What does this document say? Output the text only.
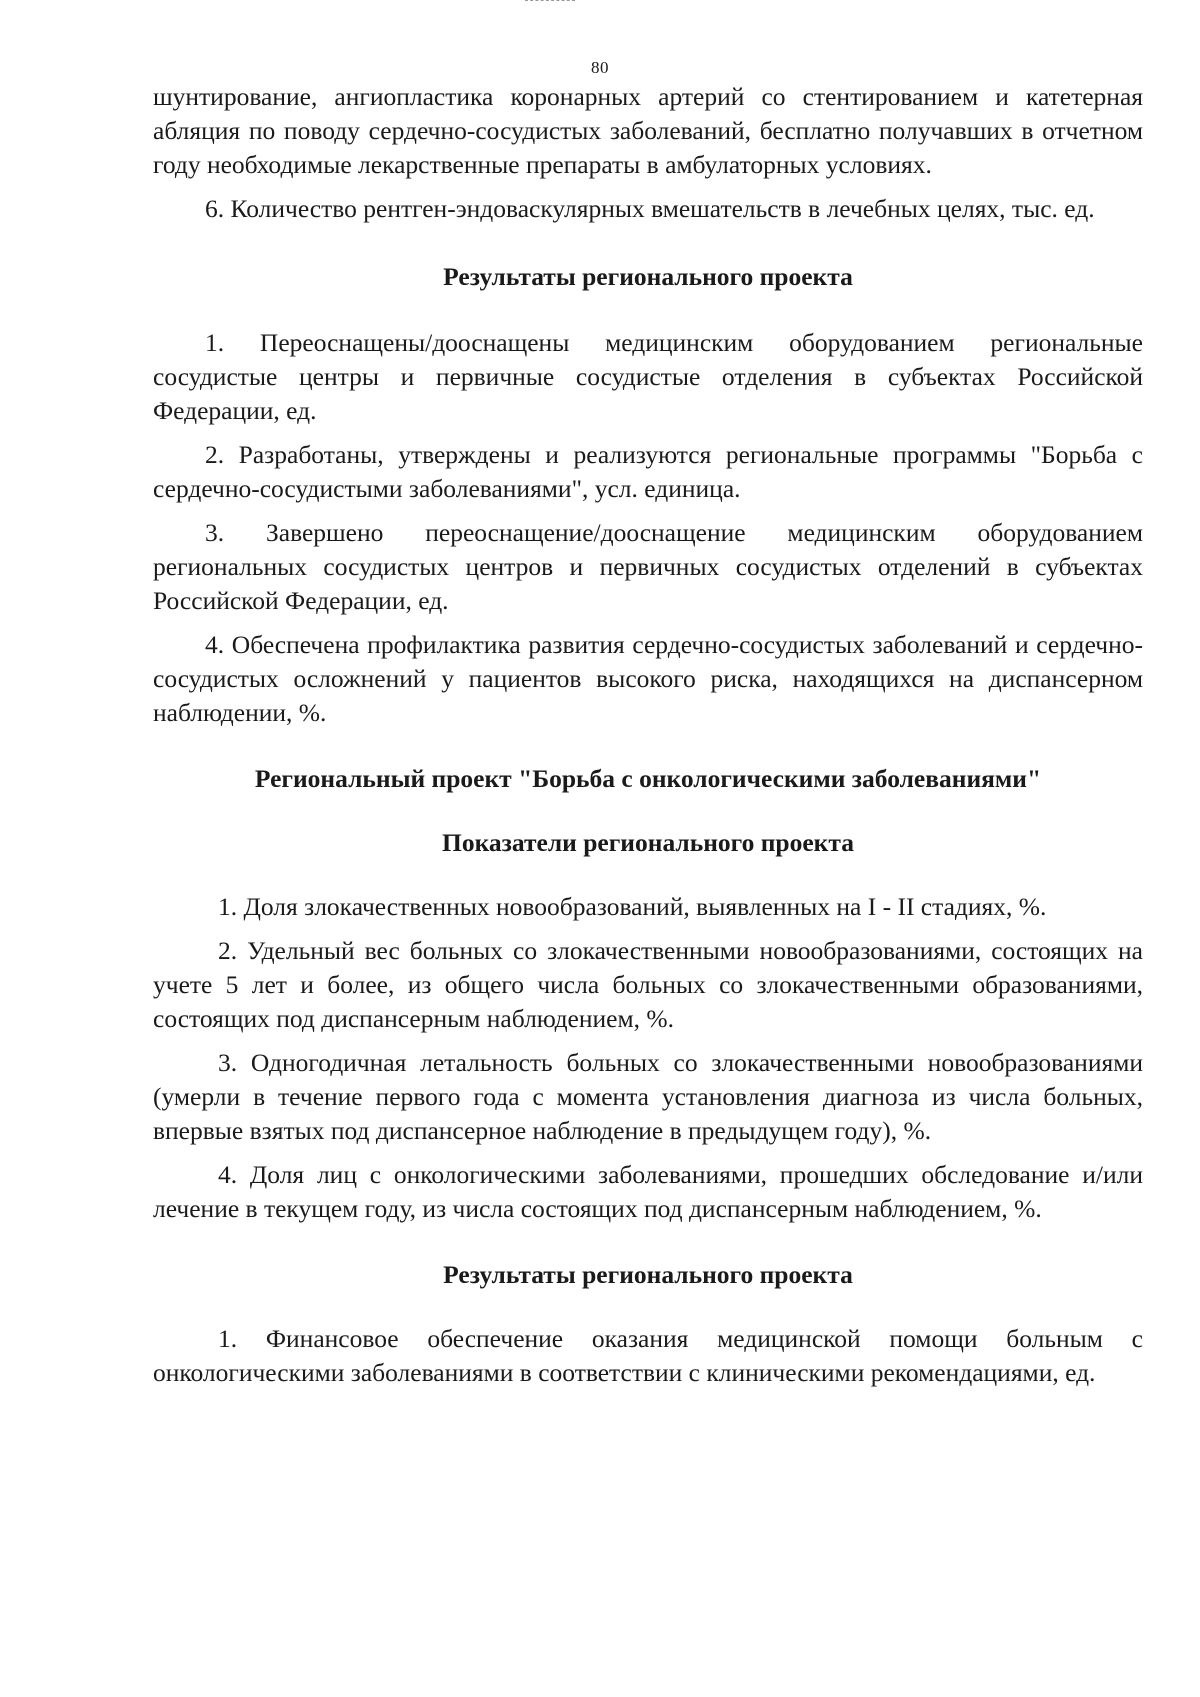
80

шунтирование, ангиопластика коронарных артерий со стентированием и катетерная абляция по поводу сердечно-сосудистых заболеваний, бесплатно получавших в отчетном году необходимые лекарственные препараты в амбулаторных условиях.

6. Количество рентген-эндоваскулярных вмешательств в лечебных целях, тыс. ед.

Результаты регионального проекта

1. Переоснащены/дооснащены медицинским оборудованием региональные сосудистые центры и первичные сосудистые отделения в субъектах Российской Федерации, ед.

2. Разработаны, утверждены и реализуются региональные программы "Борьба с сердечно-сосудистыми заболеваниями", усл. единица.

3. Завершено переоснащение/дооснащение медицинским оборудованием региональных сосудистых центров и первичных сосудистых отделений в субъектах Российской Федерации, ед.

4. Обеспечена профилактика развития сердечно-сосудистых заболеваний и сердечно-сосудистых осложнений у пациентов высокого риска, находящихся на диспансерном наблюдении, %.

Региональный проект "Борьба с онкологическими заболеваниями"
Показатели регионального проекта

1. Доля злокачественных новообразований, выявленных на I - II стадиях, %.

2. Удельный вес больных со злокачественными новообразованиями, состоящих на учете 5 лет и более, из общего числа больных со злокачественными образованиями, состоящих под диспансерным наблюдением, %.

3. Одногодичная летальность больных со злокачественными новообразованиями (умерли в течение первого года с момента установления диагноза из числа больных, впервые взятых под диспансерное наблюдение в предыдущем году), %.

4. Доля лиц с онкологическими заболеваниями, прошедших обследование и/или лечение в текущем году, из числа состоящих под диспансерным наблюдением, %.

Результаты регионального проекта

1. Финансовое обеспечение оказания медицинской помощи больным с онкологическими заболеваниями в соответствии с клиническими рекомендациями, ед.
